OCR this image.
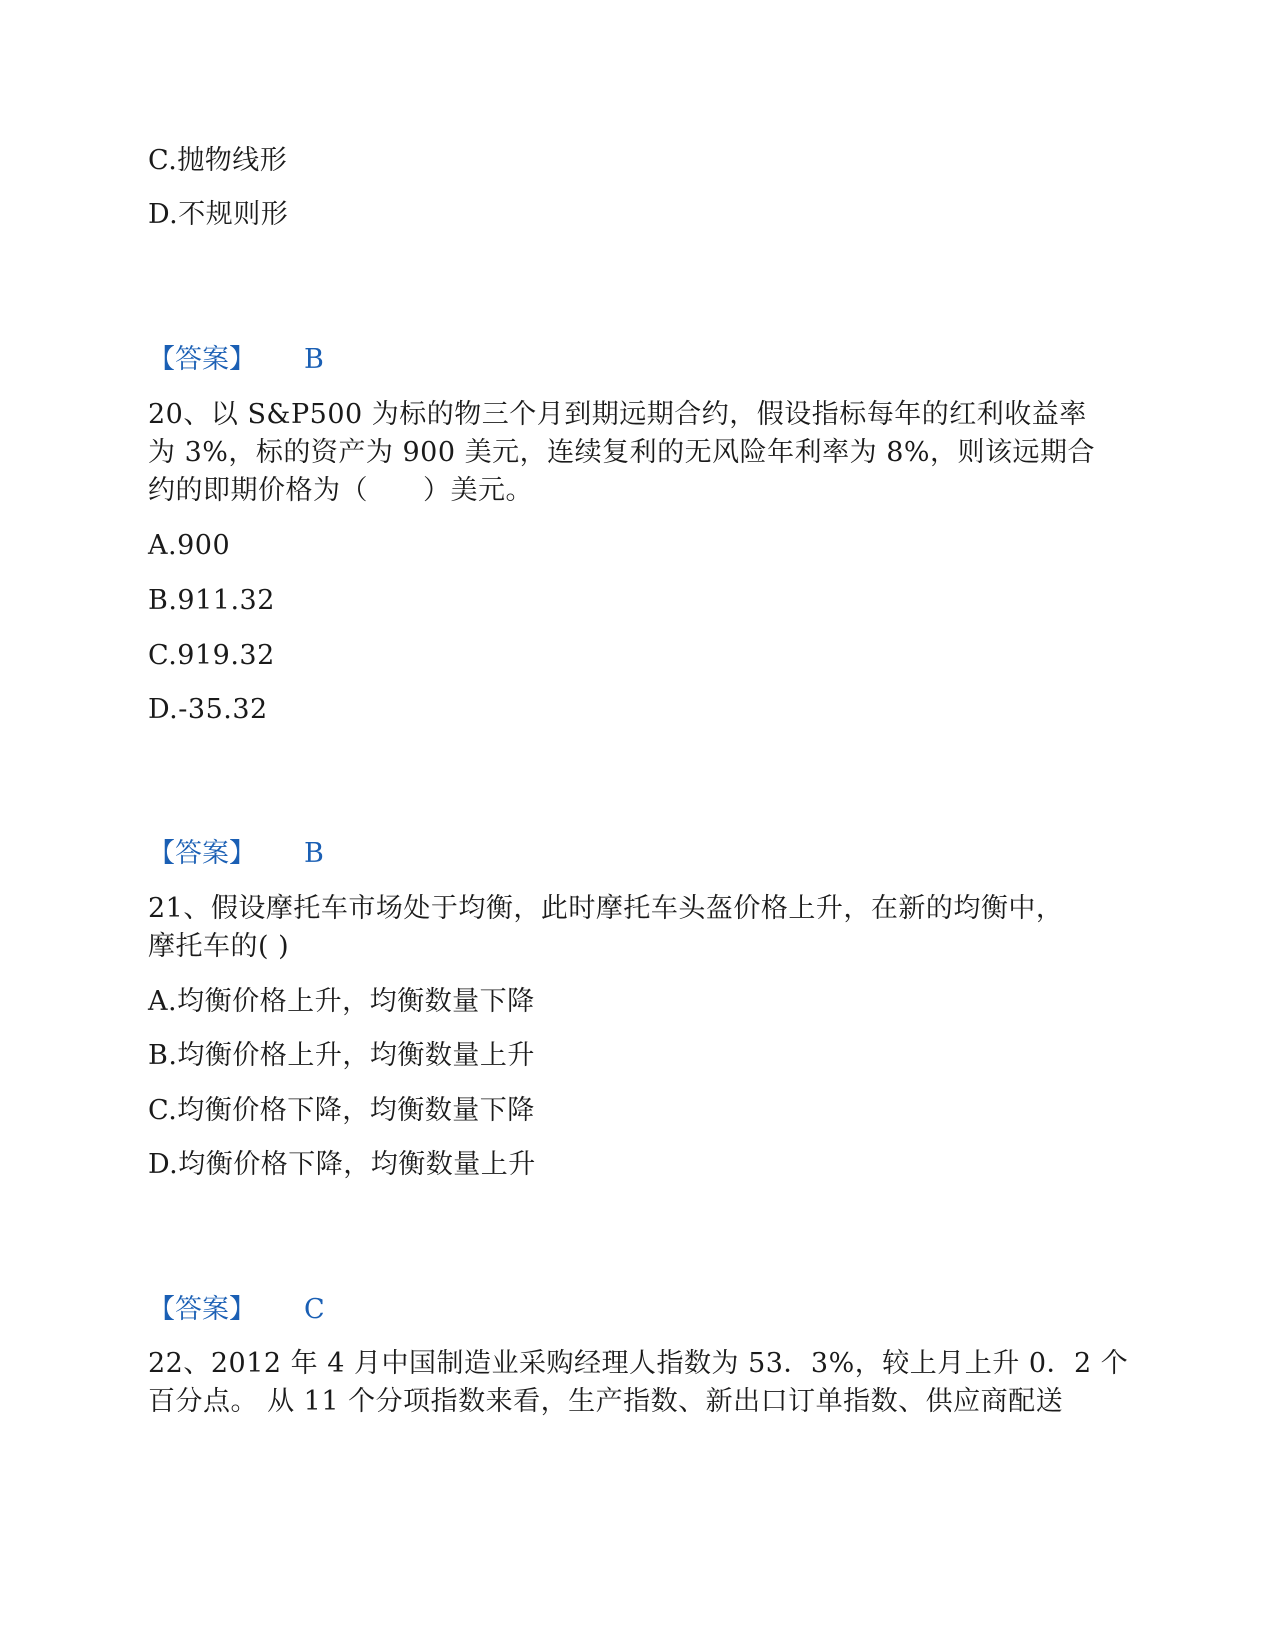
C.抛物线形
D.不规则形
【答案】 B
20、以 S&P500 为标的物三个月到期远期合约，假设指标每年的红利收益率
为 3%，标的资产为 900 美元，连续复利的无风险年利率为 8%，则该远期合
约的即期价格为（　　）美元。
A.900
B.911.32
C.919.32
D.-35.32
【答案】 B
21、假设摩托车市场处于均衡，此时摩托车头盔价格上升，在新的均衡中，
摩托车的( )
A.均衡价格上升，均衡数量下降
B.均衡价格上升，均衡数量上升
C.均衡价格下降，均衡数量下降
D.均衡价格下降，均衡数量上升
【答案】 C
22、2012 年 4 月中国制造业采购经理人指数为 53．3%，较上月上升 0．2 个
百分点。 从 11 个分项指数来看，生产指数、新出口订单指数、供应商配送
